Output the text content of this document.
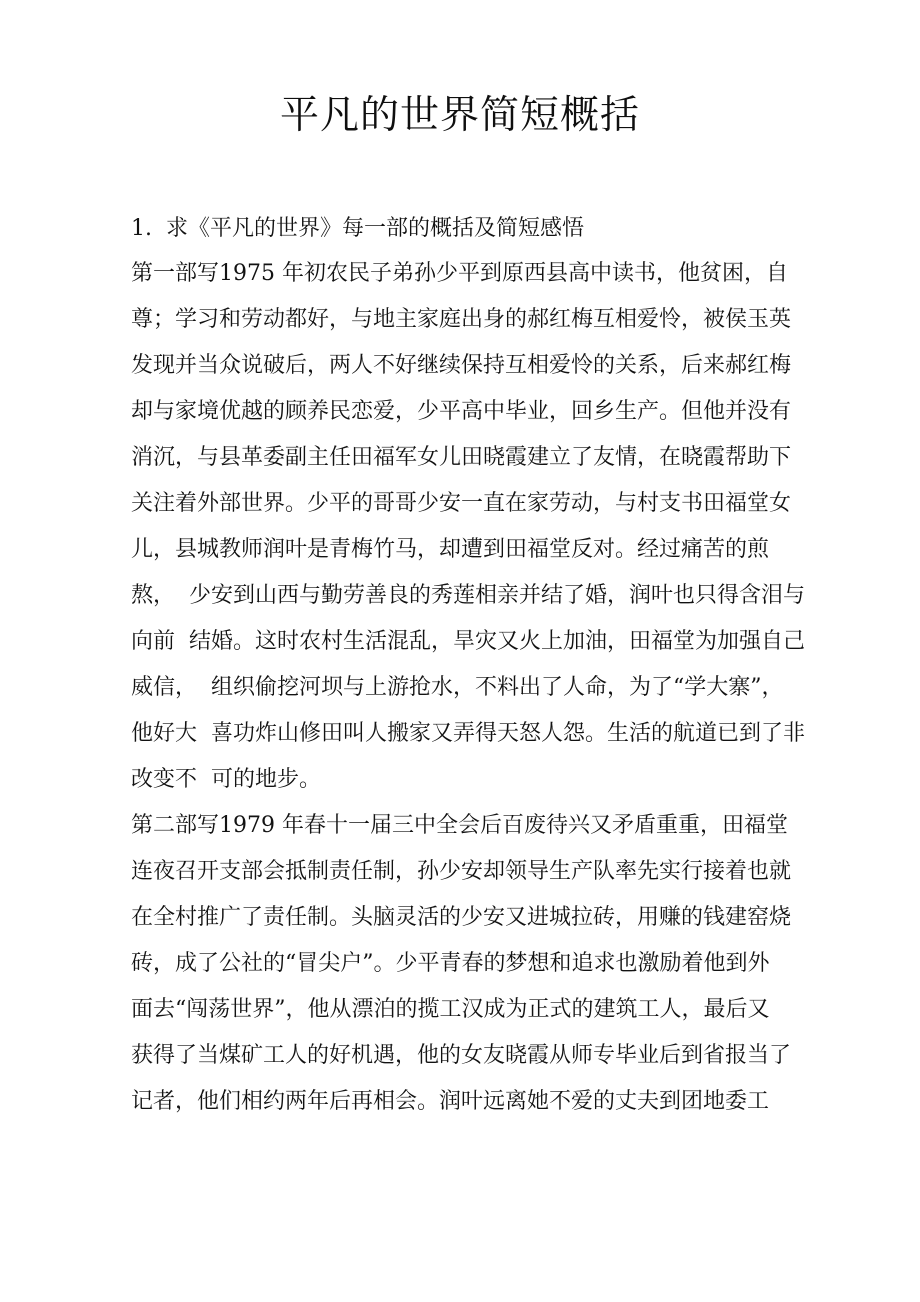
平凡的世界简短概括

1.  求《平凡的世界》每一部的概括及简短感悟

第一部写1975 年初农民子弟孙少平到原西县高中读书，他贫困，自

尊；学习和劳动都好，与地主家庭出身的郝红梅互相爱怜，被侯玉英

发现并当众说破后，两人不好继续保持互相爱怜的关系，后来郝红梅

却与家境优越的顾养民恋爱，少平高中毕业，回乡生产。但他并没有

消沉，与县革委副主任田福军女儿田晓霞建立了友情，在晓霞帮助下

关注着外部世界。少平的哥哥少安一直在家劳动，与村支书田福堂女

儿，县城教师润叶是青梅竹马，却遭到田福堂反对。经过痛苦的煎

熬，  少安到山西与勤劳善良的秀莲相亲并结了婚，润叶也只得含泪与

向前  结婚。这时农村生活混乱，旱灾又火上加油，田福堂为加强自己

威信，  组织偷挖河坝与上游抢水，不料出了人命，为了“学大寨”，

他好大  喜功炸山修田叫人搬家又弄得天怒人怨。生活的航道已到了非

改变不  可的地步。

第二部写1979 年春十一届三中全会后百废待兴又矛盾重重，田福堂

连夜召开支部会抵制责任制，孙少安却领导生产队率先实行接着也就

在全村推广了责任制。头脑灵活的少安又进城拉砖，用赚的钱建窑烧

砖，成了公社的“冒尖户”。少平青春的梦想和追求也激励着他到外

面去“闯荡世界”，他从漂泊的揽工汉成为正式的建筑工人，最后又

获得了当煤矿工人的好机遇，他的女友晓霞从师专毕业后到省报当了

记者，他们相约两年后再相会。润叶远离她不爱的丈夫到团地委工
